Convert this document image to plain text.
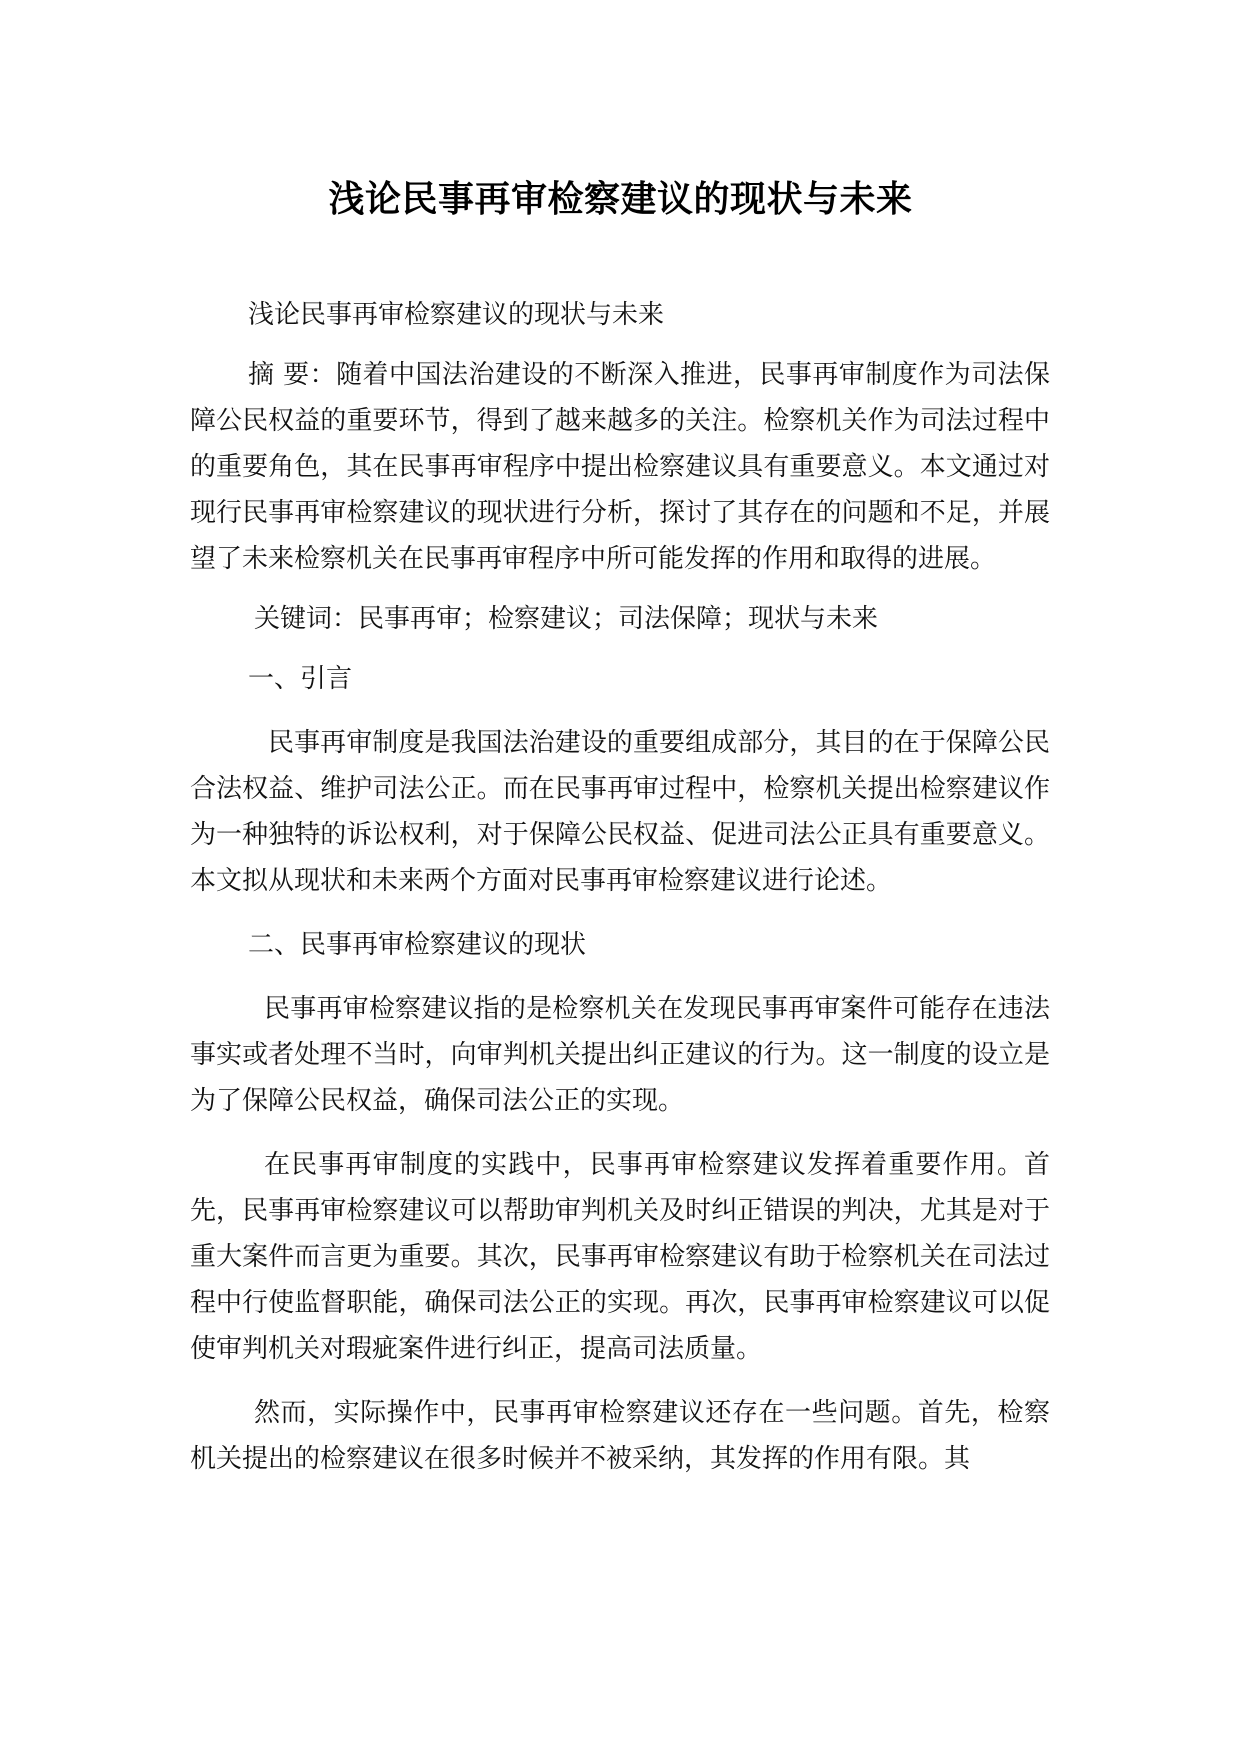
浅论民事再审检察建议的现状与未来

浅论民事再审检察建议的现状与未来

摘 要：随着中国法治建设的不断深入推进，民事再审制度作为司法保障公民权益的重要环节，得到了越来越多的关注。检察机关作为司法过程中的重要角色，其在民事再审程序中提出检察建议具有重要意义。本文通过对现行民事再审检察建议的现状进行分析，探讨了其存在的问题和不足，并展望了未来检察机关在民事再审程序中所可能发挥的作用和取得的进展。

关键词：民事再审；检察建议；司法保障；现状与未来

一、引言

民事再审制度是我国法治建设的重要组成部分，其目的在于保障公民合法权益、维护司法公正。而在民事再审过程中，检察机关提出检察建议作为一种独特的诉讼权利，对于保障公民权益、促进司法公正具有重要意义。本文拟从现状和未来两个方面对民事再审检察建议进行论述。

二、民事再审检察建议的现状

民事再审检察建议指的是检察机关在发现民事再审案件可能存在违法事实或者处理不当时，向审判机关提出纠正建议的行为。这一制度的设立是为了保障公民权益，确保司法公正的实现。

在民事再审制度的实践中，民事再审检察建议发挥着重要作用。首先，民事再审检察建议可以帮助审判机关及时纠正错误的判决，尤其是对于重大案件而言更为重要。其次，民事再审检察建议有助于检察机关在司法过程中行使监督职能，确保司法公正的实现。再次，民事再审检察建议可以促使审判机关对瑕疵案件进行纠正，提高司法质量。

然而，实际操作中，民事再审检察建议还存在一些问题。首先，检察机关提出的检察建议在很多时候并不被采纳，其发挥的作用有限。其
